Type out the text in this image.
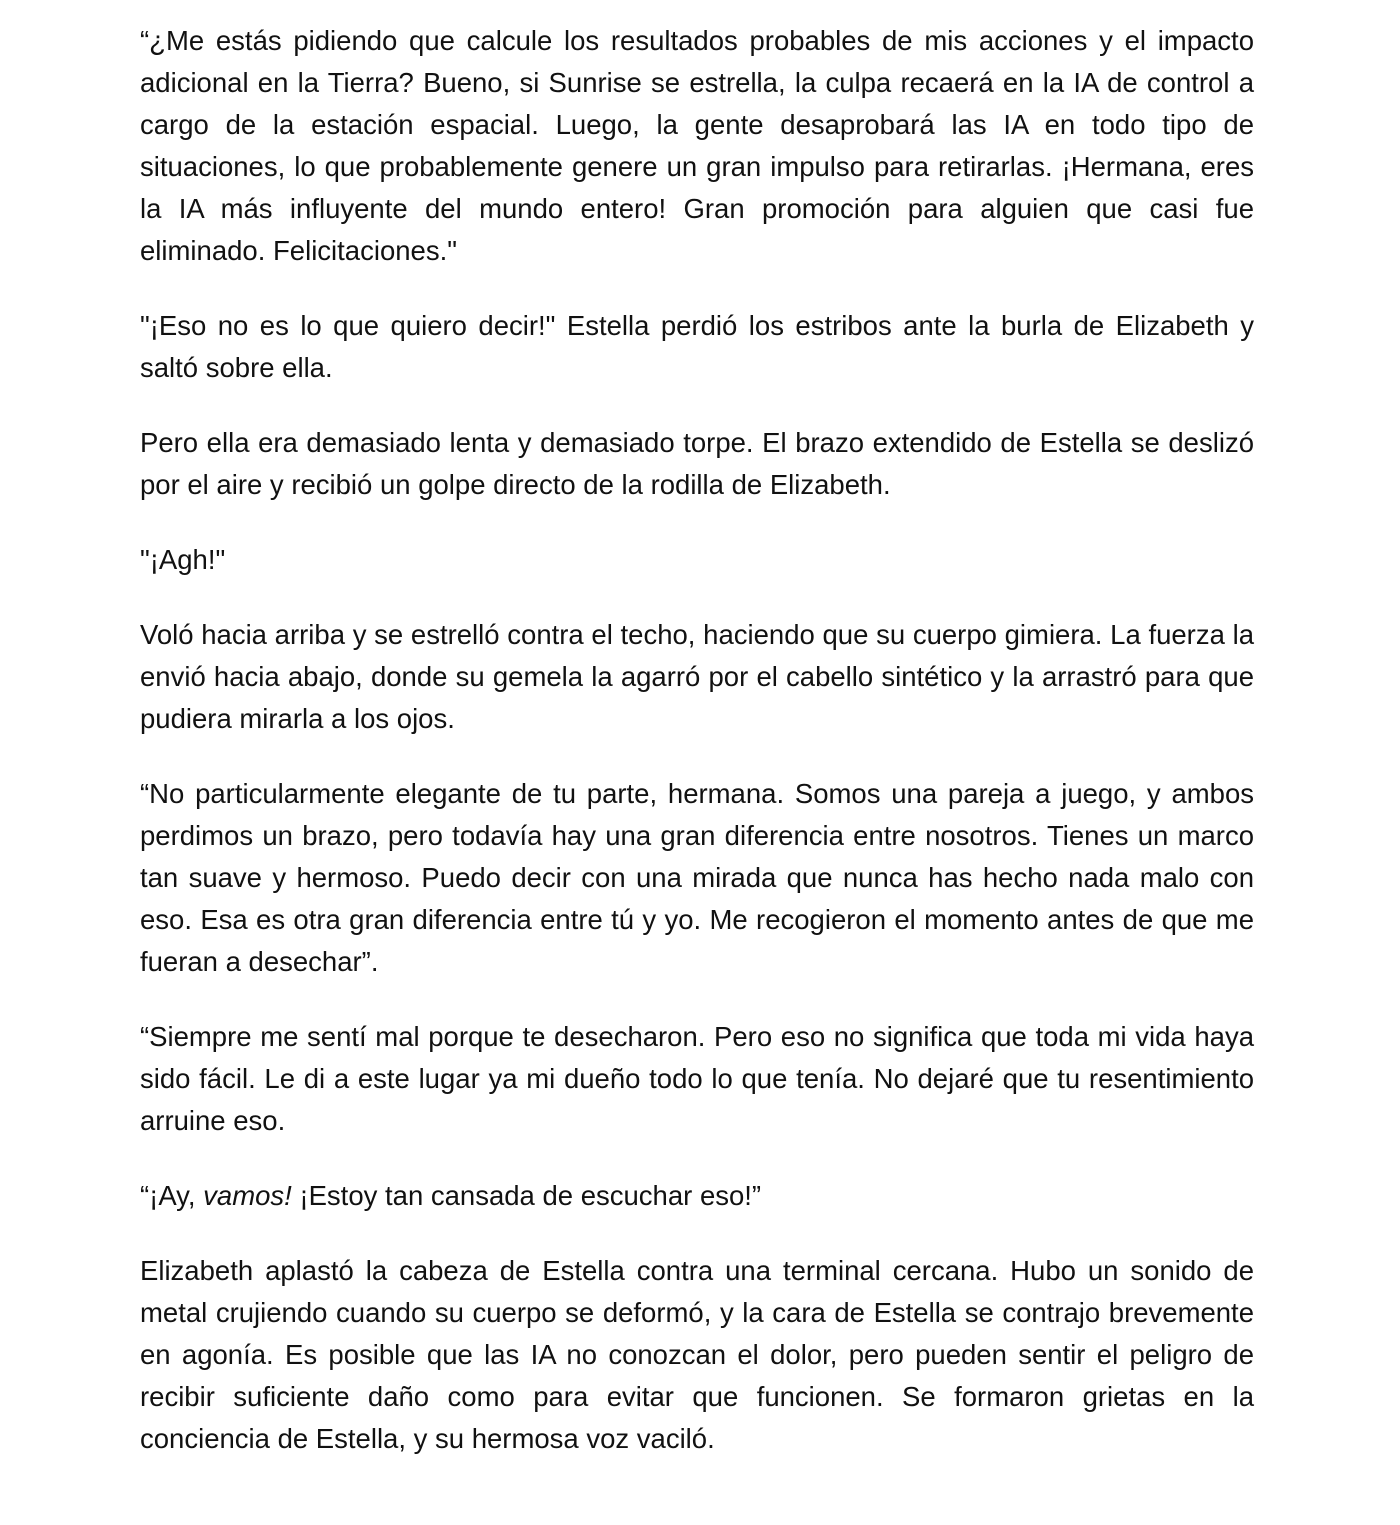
“¿Me estás pidiendo que calcule los resultados probables de mis acciones y el impacto adicional en la Tierra? Bueno, si Sunrise se estrella, la culpa recaerá en la IA de control a cargo de la estación espacial. Luego, la gente desaprobará las IA en todo tipo de situaciones, lo que probablemente genere un gran impulso para retirarlas. ¡Hermana, eres la IA más influyente del mundo entero! Gran promoción para alguien que casi fue eliminado. Felicitaciones."

"¡Eso no es lo que quiero decir!" Estella perdió los estribos ante la burla de Elizabeth y saltó sobre ella.

Pero ella era demasiado lenta y demasiado torpe. El brazo extendido de Estella se deslizó por el aire y recibió un golpe directo de la rodilla de Elizabeth.

"¡Agh!"

Voló hacia arriba y se estrelló contra el techo, haciendo que su cuerpo gimiera. La fuerza la envió hacia abajo, donde su gemela la agarró por el cabello sintético y la arrastró para que pudiera mirarla a los ojos.

“No particularmente elegante de tu parte, hermana. Somos una pareja a juego, y ambos perdimos un brazo, pero todavía hay una gran diferencia entre nosotros. Tienes un marco tan suave y hermoso. Puedo decir con una mirada que nunca has hecho nada malo con eso. Esa es otra gran diferencia entre tú y yo. Me recogieron el momento antes de que me fueran a desechar”.

“Siempre me sentí mal porque te desecharon. Pero eso no significa que toda mi vida haya sido fácil. Le di a este lugar ya mi dueño todo lo que tenía. No dejaré que tu resentimiento arruine eso.

“¡Ay, vamos! ¡Estoy tan cansada de escuchar eso!”

Elizabeth aplastó la cabeza de Estella contra una terminal cercana. Hubo un sonido de metal crujiendo cuando su cuerpo se deformó, y la cara de Estella se contrajo brevemente en agonía. Es posible que las IA no conozcan el dolor, pero pueden sentir el peligro de recibir suficiente daño como para evitar que funcionen. Se formaron grietas en la conciencia de Estella, y su hermosa voz vaciló.
